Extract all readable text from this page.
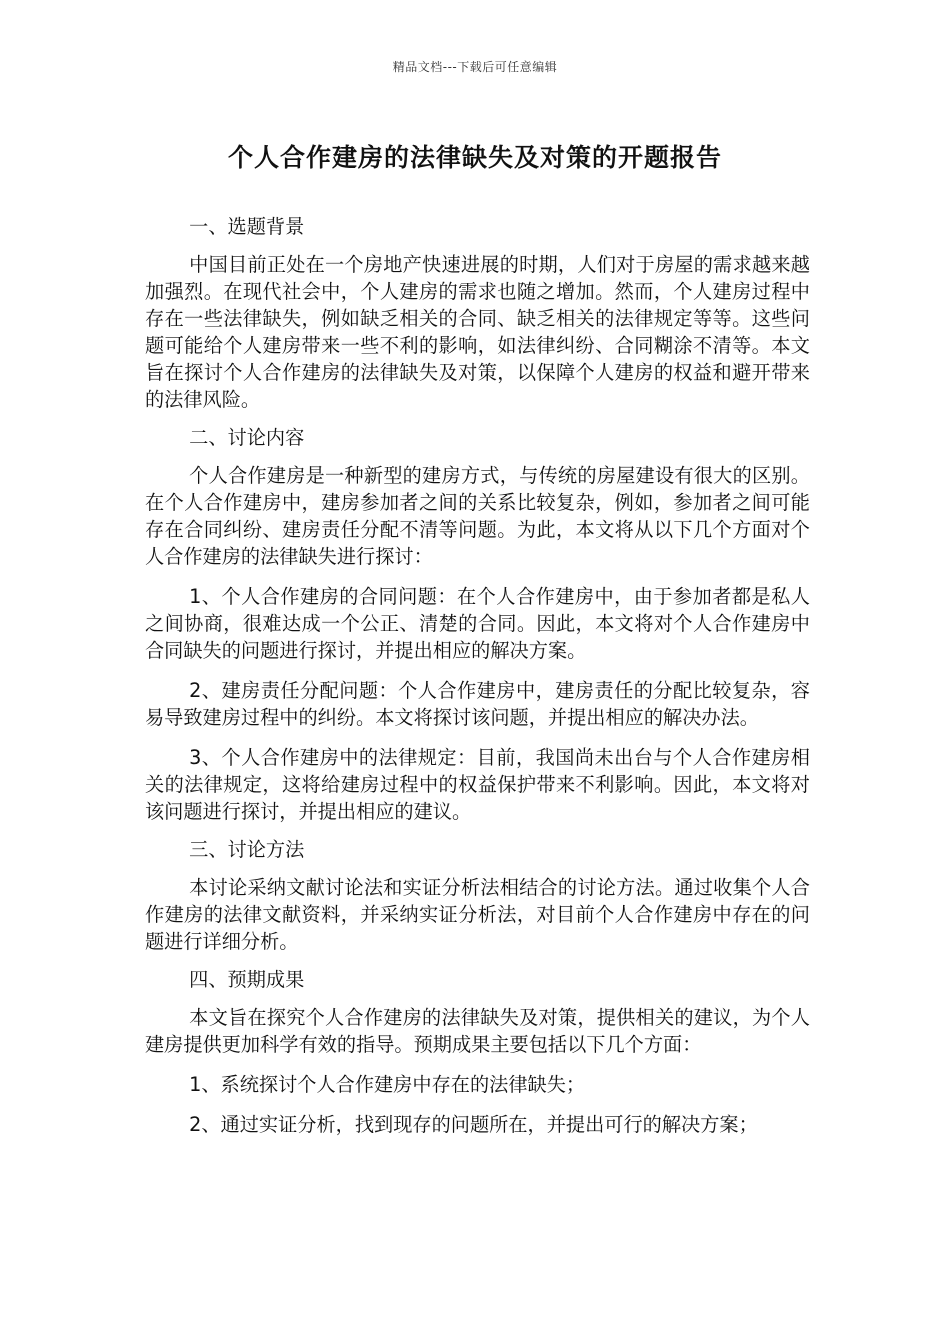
精品文档---下载后可任意编辑
个人合作建房的法律缺失及对策的开题报告

一、选题背景

中国目前正处在一个房地产快速进展的时期，人们对于房屋的需求越来越加强烈。在现代社会中，个人建房的需求也随之增加。然而，个人建房过程中存在一些法律缺失，例如缺乏相关的合同、缺乏相关的法律规定等等。这些问题可能给个人建房带来一些不利的影响，如法律纠纷、合同糊涂不清等。本文旨在探讨个人合作建房的法律缺失及对策，以保障个人建房的权益和避开带来的法律风险。

二、讨论内容

个人合作建房是一种新型的建房方式，与传统的房屋建设有很大的区别。在个人合作建房中，建房参加者之间的关系比较复杂，例如，参加者之间可能存在合同纠纷、建房责任分配不清等问题。为此，本文将从以下几个方面对个人合作建房的法律缺失进行探讨：

1、个人合作建房的合同问题：在个人合作建房中，由于参加者都是私人之间协商，很难达成一个公正、清楚的合同。因此，本文将对个人合作建房中合同缺失的问题进行探讨，并提出相应的解决方案。

2、建房责任分配问题：个人合作建房中，建房责任的分配比较复杂，容易导致建房过程中的纠纷。本文将探讨该问题，并提出相应的解决办法。

3、个人合作建房中的法律规定：目前，我国尚未出台与个人合作建房相关的法律规定，这将给建房过程中的权益保护带来不利影响。因此，本文将对该问题进行探讨，并提出相应的建议。

三、讨论方法

本讨论采纳文献讨论法和实证分析法相结合的讨论方法。通过收集个人合作建房的法律文献资料，并采纳实证分析法，对目前个人合作建房中存在的问题进行详细分析。

四、预期成果

本文旨在探究个人合作建房的法律缺失及对策，提供相关的建议，为个人建房提供更加科学有效的指导。预期成果主要包括以下几个方面：

1、系统探讨个人合作建房中存在的法律缺失；

2、通过实证分析，找到现存的问题所在，并提出可行的解决方案；
